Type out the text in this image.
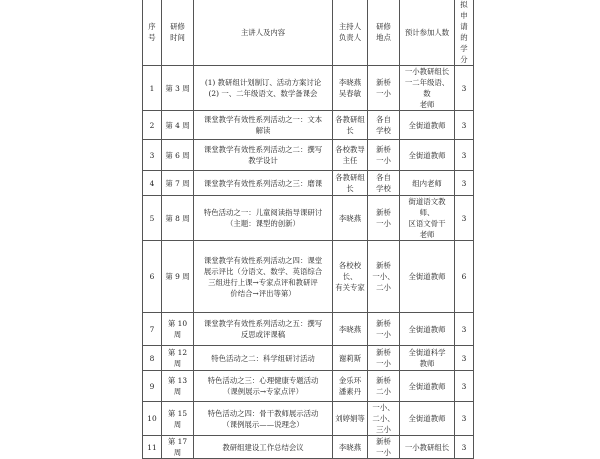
序号	研修
时间	主讲人及内容	主持人
负责人	研修
地点	预计参加人数	拟申请
的学分
1	第 3 周	(1) 教研组计划制订、活动方案讨论
(2) 一、二年级语文、数学备课会	李晓燕
吴春敏	新桥
一小	一小教研组长
一二年级语、数
老师	3
2	第 4 周	课堂教学有效性系列活动之一：文本
解读	各教研组长	各自
学校	全街道教师	3
3	第 6 周	课堂教学有效性系列活动之二：撰写
教学设计	各校教导
主任	新桥
一小	全街道教师	3
4	第 7 周	课堂教学有效性系列活动之三：磨课	各教研组长	各自
学校	组内老师	3
5	第 8 周	特色活动之一：儿童阅读指导课研讨
（主题：课型的创新）	李晓燕	新桥
一小	街道语文教师、
区语文骨干
老师	3
6	第 9 周	课堂教学有效性系列活动之四：课堂
展示评比（分语文、数学、英语综合
三组进行上课→专家点评和教研评
价结合→评出等第）	各校校长、
有关专家	新桥
一小、
二小	全街道教师	6
7	第 10 周	课堂教学有效性系列活动之五：撰写
反思或评课稿	李晓燕	新桥
一小	全街道教师	3
8	第 12 周	特色活动之二：科学组研讨活动	谢莉斯	新桥
一小	全街道科学
教师	3
9	第 13 周	特色活动之三：心理健康专题活动
（课例展示→专家点评）	金乐环
潘素丹	新桥
二小	全街道教师	3
10	第 15 周	特色活动之四：骨干教师展示活动
（课例展示——说理念）	刘婷娟等	一小、
二小、
三小	全街道教师	3
11	第 17 周	教研组建设工作总结会议	李晓燕	新桥
一小	一小教研组长	3
